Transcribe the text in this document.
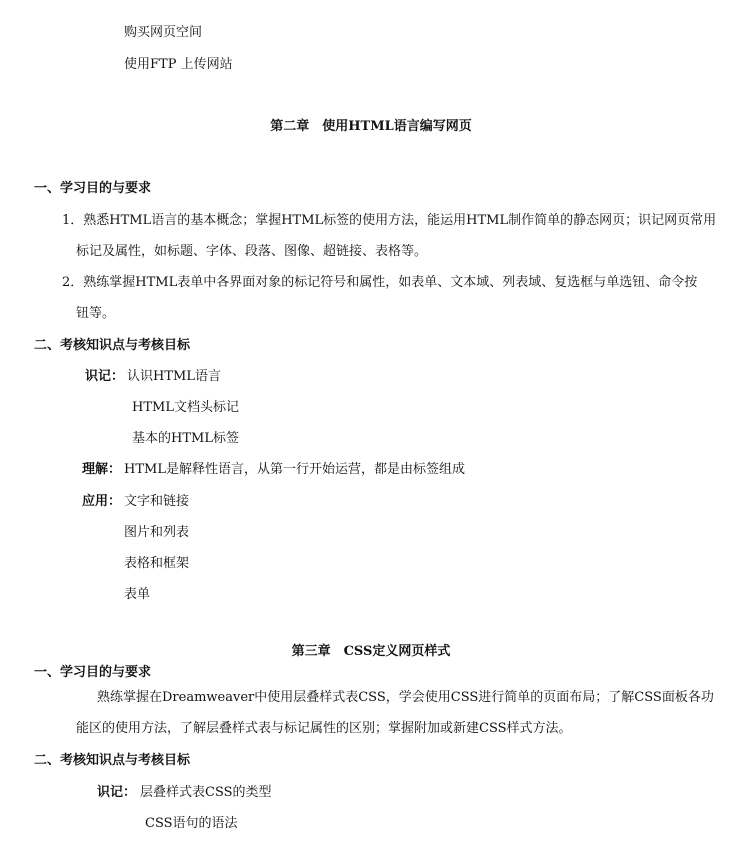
购买网页空间
使用FTP 上传网站
第二章　使用HTML语言编写网页
一、学习目的与要求
1．熟悉HTML语言的基本概念；掌握HTML标签的使用方法，能运用HTML制作简单的静态网页；识记网页常用
标记及属性，如标题、字体、段落、图像、超链接、表格等。
2．熟练掌握HTML表单中各界面对象的标记符号和属性，如表单、文本域、列表域、复选框与单选钮、命令按
钮等。
二、考核知识点与考核目标
识记： 认识HTML语言
HTML文档头标记
基本的HTML标签
理解： HTML是解释性语言，从第一行开始运营，都是由标签组成
应用： 文字和链接
图片和列表
表格和框架
表单
第三章　CSS定义网页样式
一、学习目的与要求
熟练掌握在Dreamweaver中使用层叠样式表CSS，学会使用CSS进行简单的页面布局；了解CSS面板各功
能区的使用方法，了解层叠样式表与标记属性的区别；掌握附加或新建CSS样式方法。
二、考核知识点与考核目标
识记： 层叠样式表CSS的类型
CSS语句的语法
